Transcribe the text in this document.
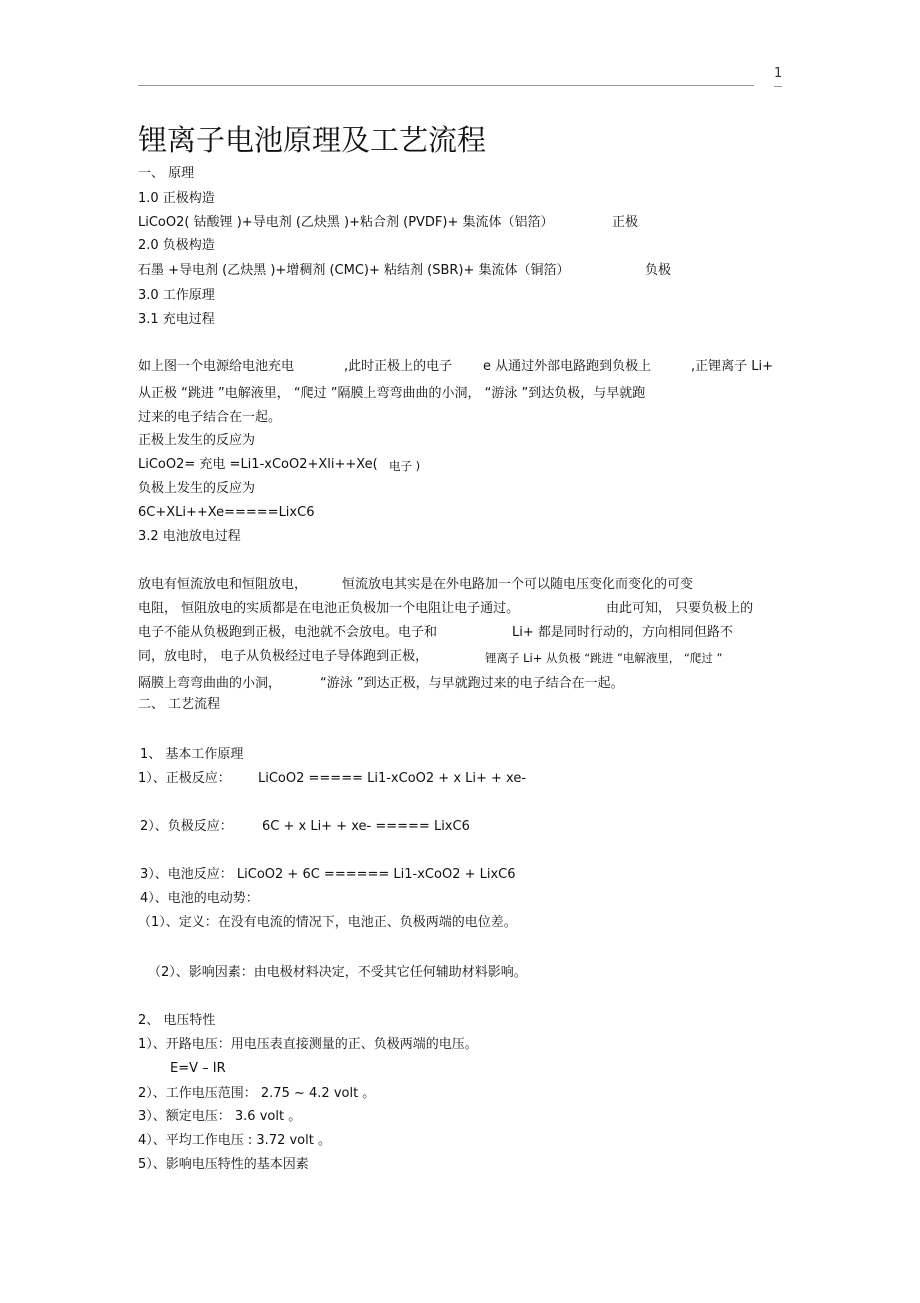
1
锂离子电池原理及工艺流程
一、 原理
1.0 正极构造
LiCoO2( 钴酸锂 )+导电剂 (乙炔黑 )+粘合剂 (PVDF)+ 集流体（铝箔）	正极
2.0 负极构造
石墨 +导电剂 (乙炔黑 )+增稠剂 (CMC)+ 粘结剂 (SBR)+ 集流体（铜箔）	负极
3.0 工作原理
3.1 充电过程
如上图一个电源给电池充电	,此时正极上的电子 e 从通过外部电路跑到负极上	,正锂离子 Li+
从正极 “跳进 ”电解液里， “爬过 ”隔膜上弯弯曲曲的小洞， “游泳 ”到达负极，与早就跑
过来的电子结合在一起。
正极上发生的反应为
LiCoO2= 充电 =Li1-xCoO2+Xli++Xe( 电子 )
负极上发生的反应为
6C+XLi++Xe=====LixC6
3.2 电池放电过程
放电有恒流放电和恒阻放电，	恒流放电其实是在外电路加一个可以随电压变化而变化的可变
电阻， 恒阻放电的实质都是在电池正负极加一个电阻让电子通过。	由此可知， 只要负极上的
电子不能从负极跑到正极，电池就不会放电。电子和	Li+ 都是同时行动的，方向相同但路不
同，放电时， 电子从负极经过电子导体跑到正极，	锂离子 Li+ 从负极 “跳进 ”电解液里， “爬过 ”
隔膜上弯弯曲曲的小洞，	“游泳 ”到达正极，与早就跑过来的电子结合在一起。
二、 工艺流程
1、 基本工作原理
1）、正极反应： LiCoO2 ===== Li1-xCoO2 + x Li+ + xe-
2）、负极反应： 6C + x Li+ + xe- ===== LixC6
3）、电池反应： LiCoO2 + 6C ====== Li1-xCoO2 + LixC6
4）、电池的电动势：
（1）、定义：在没有电流的情况下，电池正、负极两端的电位差。
（2）、影响因素：由电极材料决定，不受其它任何辅助材料影响。
2、 电压特性
1）、开路电压：用电压表直接测量的正、负极两端的电压。
E=V – IR
2）、工作电压范围： 2.75 ~ 4.2 volt 。
3）、额定电压： 3.6 volt 。
4）、平均工作电压 : 3.72 volt 。
5）、影响电压特性的基本因素
